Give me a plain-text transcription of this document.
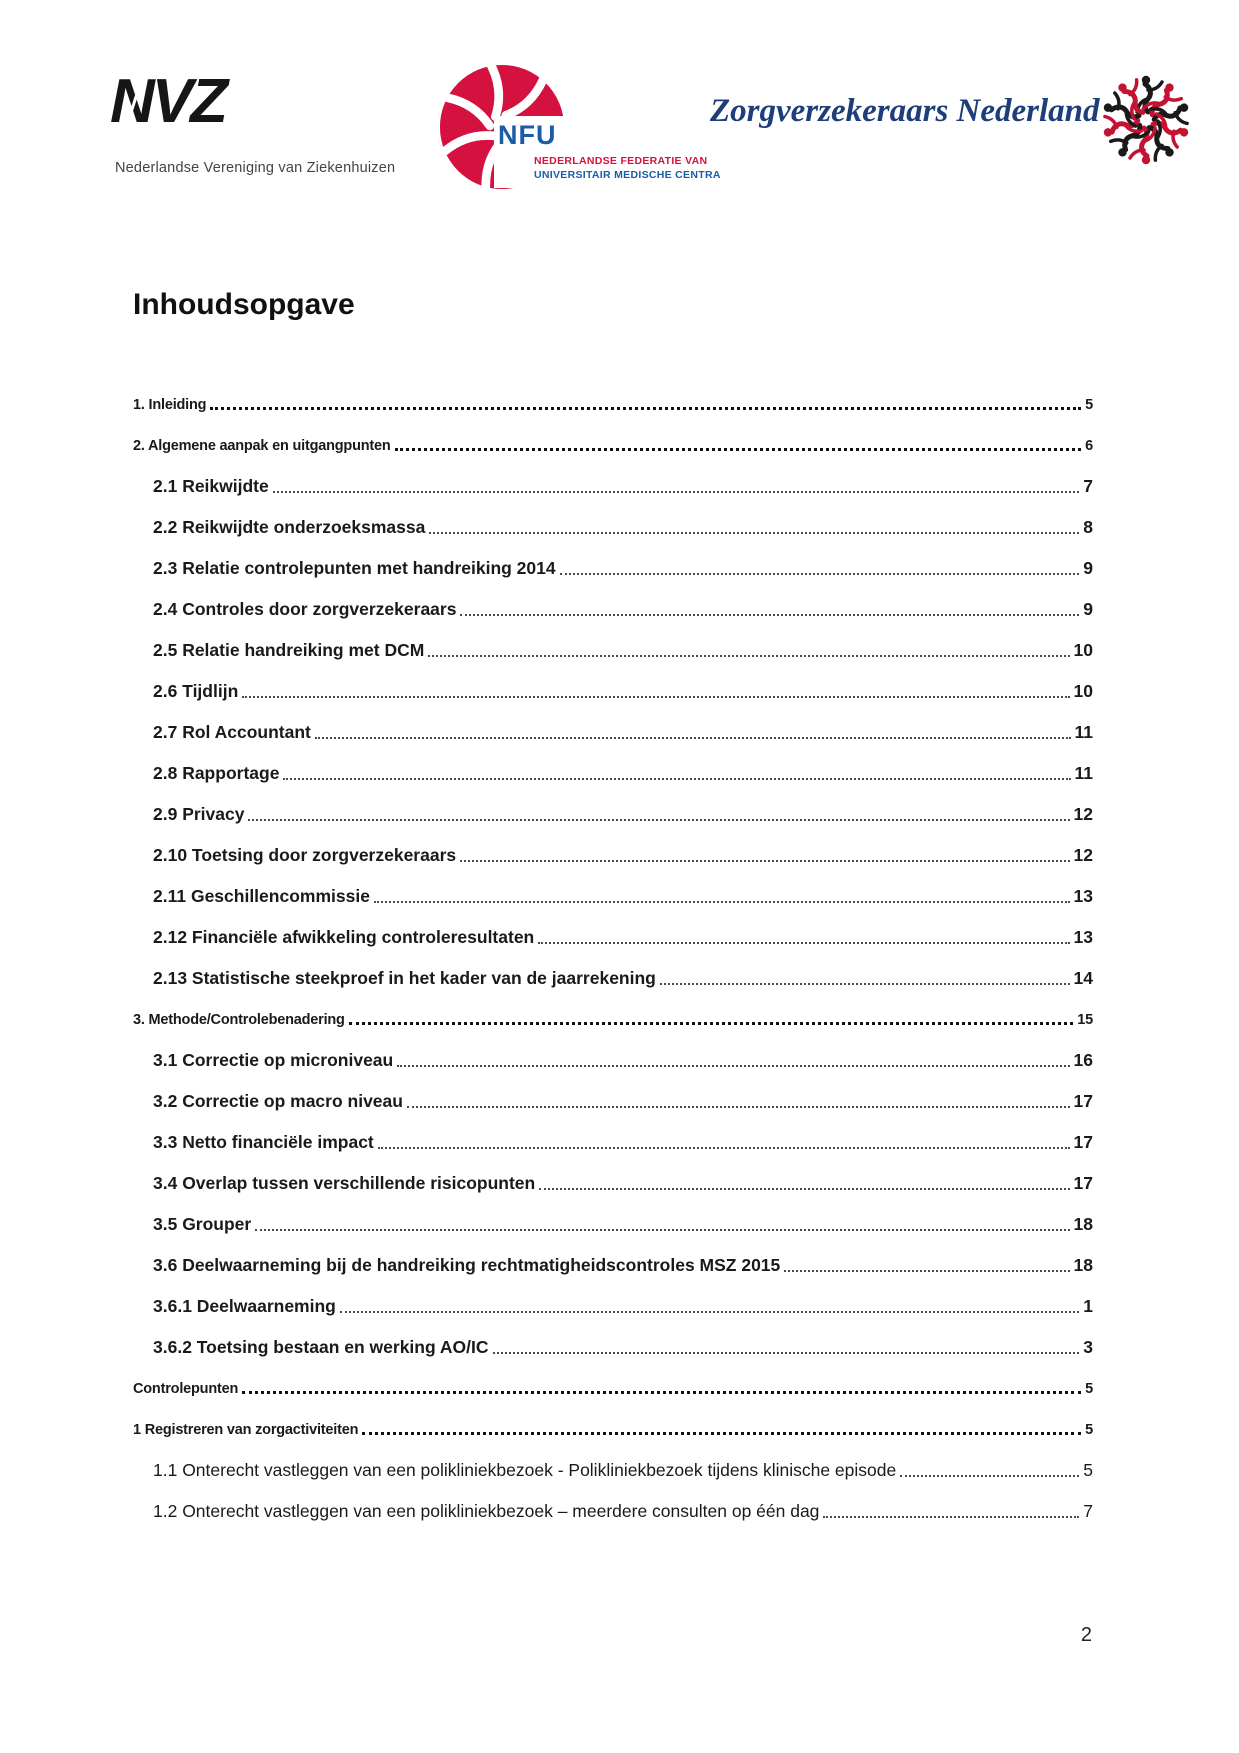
NVZ
Nederlandse Vereniging van Ziekenhuizen
NFU
NEDERLANDSE FEDERATIE VAN
UNIVERSITAIR MEDISCHE CENTRA
Zorgverzekeraars Nederland
Inhoudsopgave
1. Inleiding	5
2. Algemene aanpak en uitgangpunten	6
2.1 Reikwijdte	7
2.2 Reikwijdte onderzoeksmassa	8
2.3 Relatie controlepunten met handreiking 2014	9
2.4 Controles door zorgverzekeraars	9
2.5 Relatie handreiking met DCM	10
2.6 Tijdlijn	10
2.7 Rol Accountant	11
2.8 Rapportage	11
2.9 Privacy	12
2.10 Toetsing door zorgverzekeraars	12
2.11 Geschillencommissie	13
2.12 Financiële afwikkeling controleresultaten	13
2.13 Statistische steekproef in het kader van de jaarrekening	14
3. Methode/Controlebenadering	15
3.1 Correctie op microniveau	16
3.2 Correctie op macro niveau	17
3.3 Netto financiële impact	17
3.4 Overlap tussen verschillende risicopunten	17
3.5 Grouper	18
3.6 Deelwaarneming bij de handreiking rechtmatigheidscontroles MSZ 2015	18
3.6.1 Deelwaarneming	1
3.6.2 Toetsing bestaan en werking AO/IC	3
Controlepunten	5
1 Registreren van zorgactiviteiten	5
1.1 Onterecht vastleggen van een polikliniekbezoek - Polikliniekbezoek tijdens klinische episode	5
1.2 Onterecht vastleggen van een polikliniekbezoek – meerdere consulten op één dag	7
2
